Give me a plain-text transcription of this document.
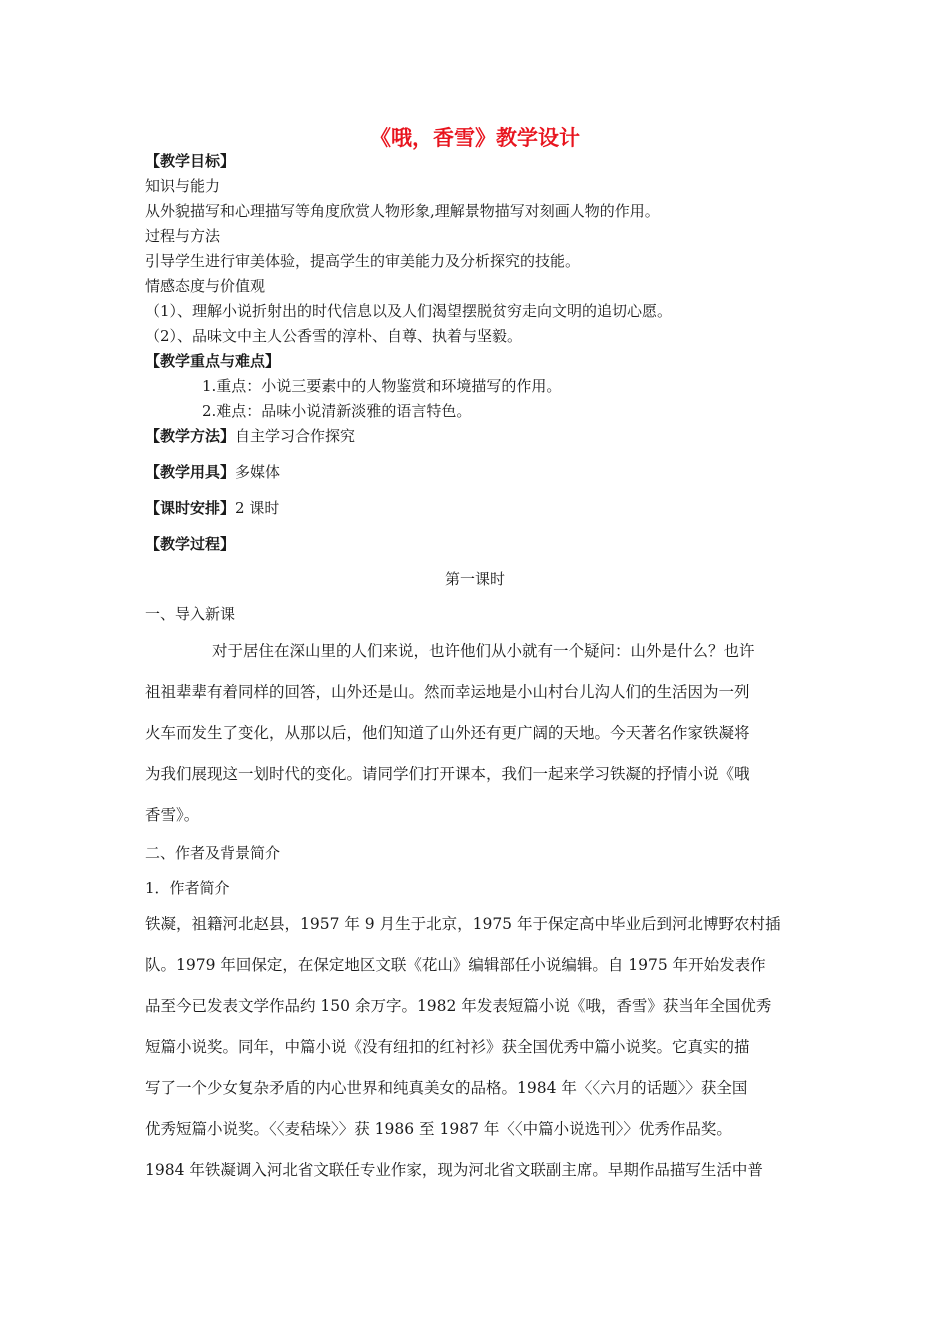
《哦，香雪》教学设计
【教学目标】
知识与能力
从外貌描写和心理描写等角度欣赏人物形象,理解景物描写对刻画人物的作用。
过程与方法
引导学生进行审美体验，提高学生的审美能力及分析探究的技能。
情感态度与价值观
（1）、理解小说折射出的时代信息以及人们渴望摆脱贫穷走向文明的追切心愿。
（2）、品味文中主人公香雪的淳朴、自尊、执着与坚毅。
【教学重点与难点】
1.重点：小说三要素中的人物鉴赏和环境描写的作用。
2.难点：品味小说清新淡雅的语言特色。
【教学方法】自主学习合作探究
【教学用具】多媒体
【课时安排】2 课时
【教学过程】
第一课时
一、导入新课
对于居住在深山里的人们来说，也许他们从小就有一个疑问：山外是什么？也许
祖祖辈辈有着同样的回答，山外还是山。然而幸运地是小山村台儿沟人们的生活因为一列
火车而发生了变化，从那以后，他们知道了山外还有更广阔的天地。今天著名作家铁凝将
为我们展现这一划时代的变化。请同学们打开课本，我们一起来学习铁凝的抒情小说《哦
香雪》。
二、作者及背景简介
1．作者简介
铁凝，祖籍河北赵县，1957 年 9 月生于北京，1975 年于保定高中毕业后到河北博野农村插
队。1979 年回保定，在保定地区文联《花山》编辑部任小说编辑。自 1975 年开始发表作
品至今已发表文学作品约 150 余万字。1982 年发表短篇小说《哦，香雪》获当年全国优秀
短篇小说奖。同年，中篇小说《没有纽扣的红衬衫》获全国优秀中篇小说奖。它真实的描
写了一个少女复杂矛盾的内心世界和纯真美女的品格。1984 年〈〈六月的话题〉〉获全国
优秀短篇小说奖。〈〈麦秸垛〉〉获 1986 至 1987 年〈〈中篇小说选刊〉〉优秀作品奖。
1984 年铁凝调入河北省文联任专业作家，现为河北省文联副主席。早期作品描写生活中普
